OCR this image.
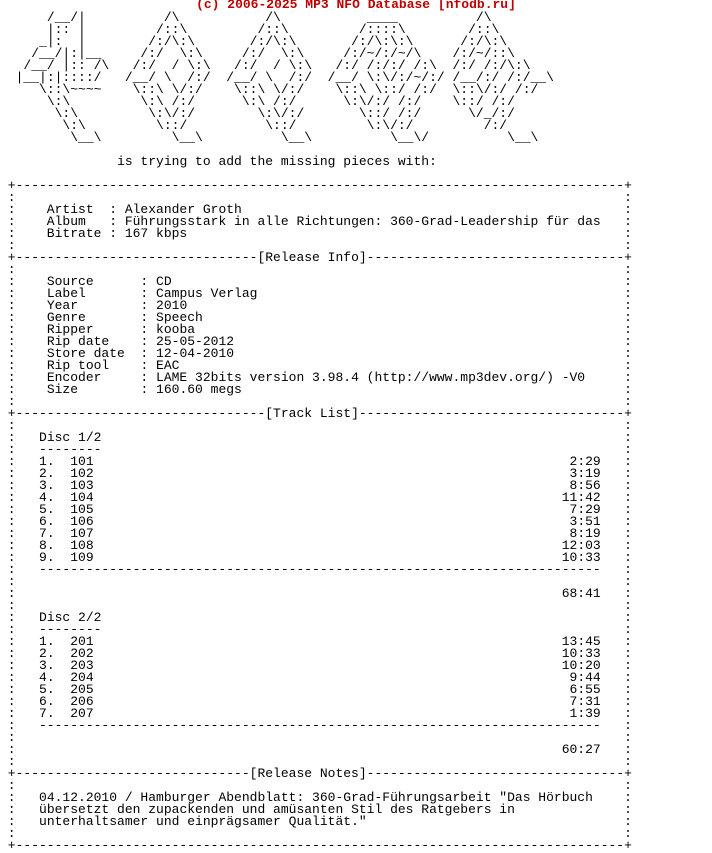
(c) 2006-2025 MP3 NFO Database [nfodb.ru]

/__/|          /\           /\           ____          /\
|:: |         /::\         /::\         /::::\        /::\
_|:  |        /:/\:\       /:/\:\       /:/\:\:\      /:/\:\
/__/|:|__     /:/  \:\     /:/  \:\     /:/~/:/~/\    /:/~/::\
/__/ |:: /\   /:/  / \:\   /:/  / \:\   /:/ /:/:/ /:\  /:/ /:/\:\
|__|:|::::/   /__/ \  /:/  /__/ \  /:/  /__/ \:\/:/~/:/ /__/:/ /:/__\
\::\~~~~    \::\ \/:/    \::\ \/:/    \::\ \::/ /:/  \::\/:/ /:/
\:\         \:\ /:/      \:\ /:/      \:\/:/ /:/    \::/ /:/
\:\         \:\/:/        \:\/:/       \::/ /:/      \/_/:/
\:\         \::/          \::/         \:\/:/         /:/
\__\         \__\          \__\          \__\/          \__\

is trying to add the missing pieces with:

+------------------------------------------------------------------------------+
:                                                                              :
:    Artist  : Alexander Groth	:
:    Album   : Führungsstark in alle Richtungen: 360-Grad-Leadership für das   :
:    Bitrate : 167 kbps	:
:                                                                              :
+-------------------------------[Release Info]---------------------------------+
:                                                                              :
:    Source      : CD	:
:    Label       : Campus Verlag	:
:    Year        : 2010	:
:    Genre       : Speech	:
:    Ripper      : kooba	:
:    Rip date    : 25-05-2012	:
:    Store date  : 12-04-2010	:
:    Rip tool    : EAC	:
:    Encoder     : LAME 32bits version 3.98.4 (http://www.mp3dev.org/) -V0	:
:    Size        : 160.60 megs	:
:                                                                              :
+--------------------------------[Track List]----------------------------------+
:                                                                              :
:   Disc 1/2	:
:   --------                                                                   :
:   1. 101	2:29   :
:   2. 102	3:19   :
:   3. 103	8:56   :
:   4. 104	11:42   :
:   5. 105	7:29   :
:   6. 106	3:51   :
:   7. 107	8:19   :
:   8. 108	12:03   :
:   9. 109	10:33   :
:   ------------------------------------------------------------------------   :
:                                                                              :
:	68:41   :
:                                                                              :
:   Disc 2/2	:
:   --------                                                                   :
:   1. 201	13:45   :
:   2. 202	10:33   :
:   3. 203	10:20   :
:   4. 204	9:44   :
:   5. 205	6:55   :
:   6. 206	7:31   :
:   7. 207	1:39   :
:   ------------------------------------------------------------------------   :
:                                                                              :
:	60:27   :
:                                                                              :
+------------------------------[Release Notes]---------------------------------+
:                                                                              :
:   04.12.2010 / Hamburger Abendblatt: 360-Grad-Führungsarbeit "Das Hörbuch    :
:   übersetzt den zupackenden und amüsanten Stil des Ratgebers in	:
:   unterhaltsamer und einprägsamer Qualität."	:
:                                                                              :
+------------------------------------------------------------------------------+
